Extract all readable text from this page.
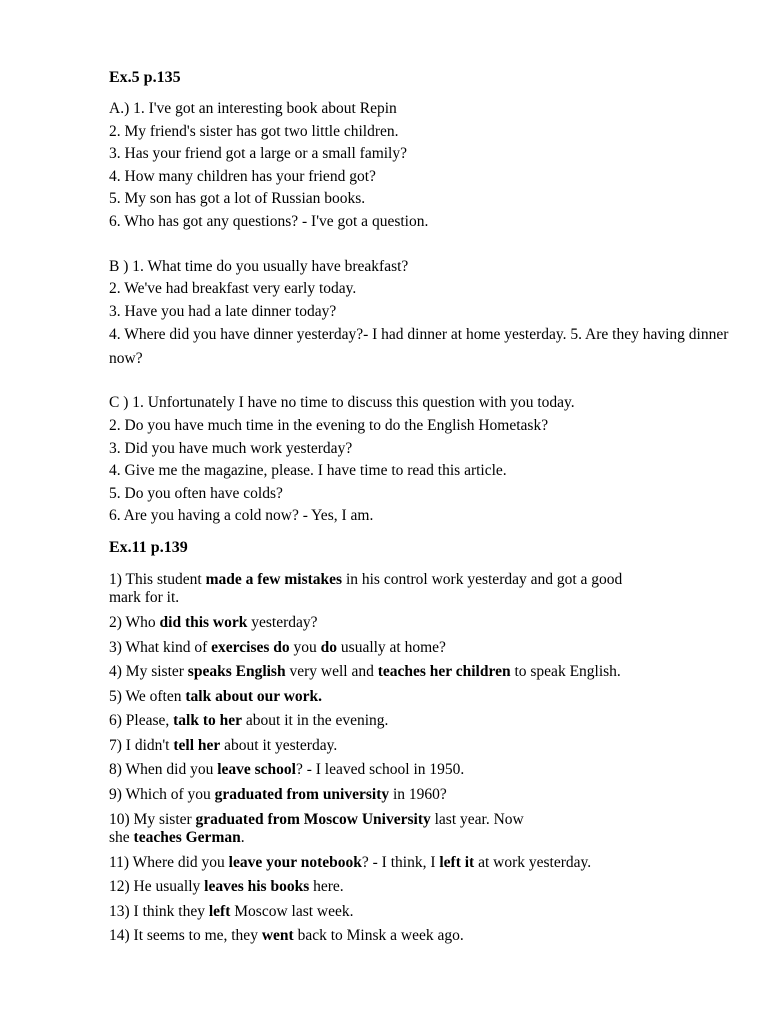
Ex.5 p.135
A.) 1. I've got an interesting book about Repin
2. My friend's sister has got two little children.
3. Has your friend got a large or a small family?
4. How many children has your friend got?
5. My son has got a lot of Russian books.
6. Who has got any questions? - I've got a question.
B ) 1. What time do you usually have breakfast?
2. We've had breakfast very early today.
3. Have you had a late dinner today?
4. Where did you have dinner yesterday?- I had dinner at home yesterday. 5. Are they having dinner now?
C ) 1. Unfortunately I have no time to discuss this question with you today.
2. Do you have much time in the evening to do the English Hometask?
3. Did you have much work yesterday?
4. Give me the magazine, please. I have time to read this article.
5. Do you often have colds?
6. Are you having a cold now? - Yes, I am.
Ex.11 p.139
1) This student made a few mistakes in his control work yesterday and got a good
mark for it.
2) Who did this work yesterday?
3) What kind of exercises do you do usually at home?
4) My sister speaks English very well and teaches her children to speak English.
5) We often talk about our work.
6) Please, talk to her about it in the evening.
7) I didn't tell her about it yesterday.
8) When did you leave school? - I leaved school in 1950.
9) Which of you graduated from university in 1960?
10) My sister graduated from Moscow University last year. Now
she teaches German.
11) Where did you leave your notebook? - I think, I left it at work yesterday.
12) He usually leaves his books here.
13) I think they left Moscow last week.
14) It seems to me, they went back to Minsk a week ago.
